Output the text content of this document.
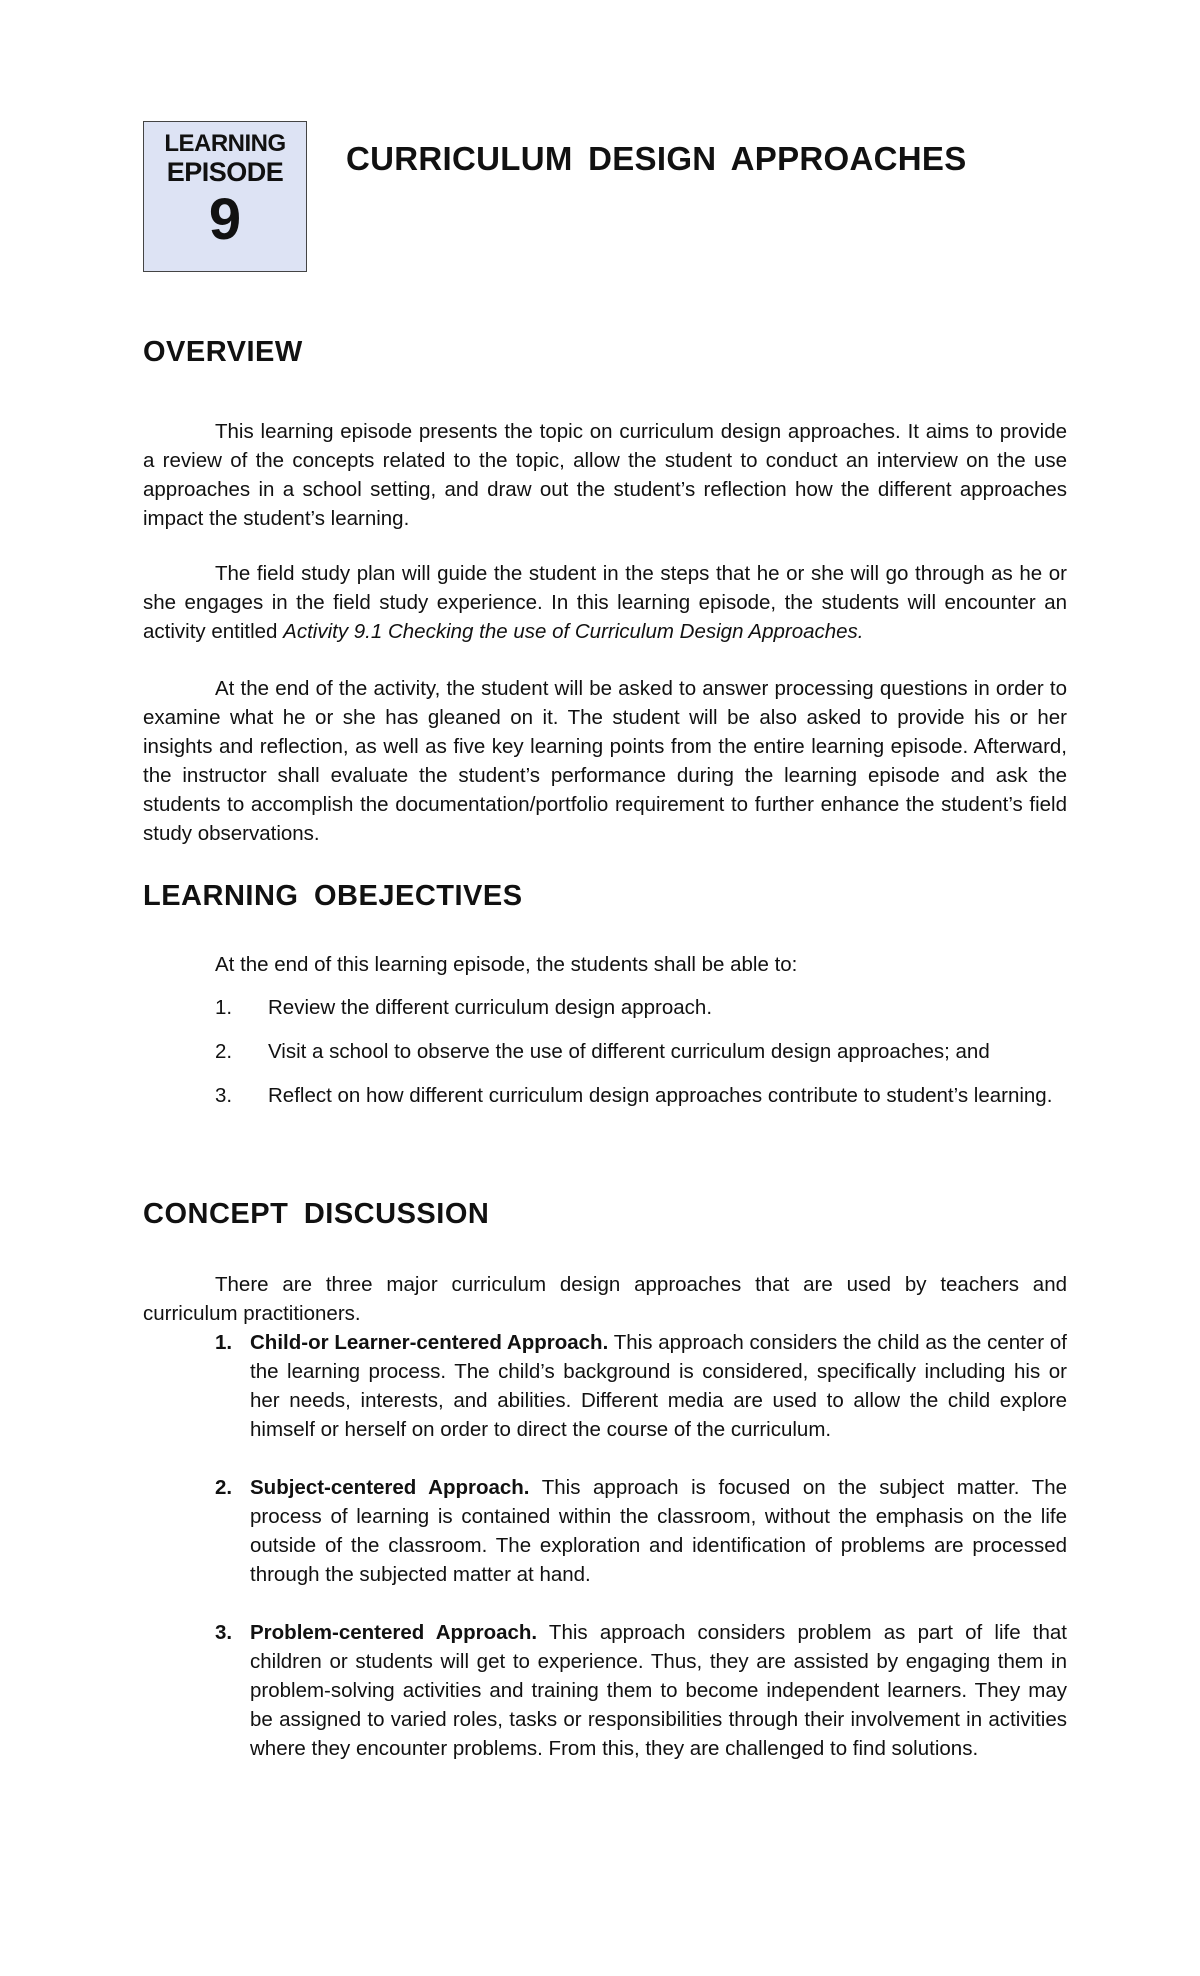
LEARNING
EPISODE
9
CURRICULUM DESIGN APPROACHES
OVERVIEW

This learning episode presents the topic on curriculum design approaches. It aims to provide a review of the concepts related to the topic, allow the student to conduct an interview on the use approaches in a school setting, and draw out the student’s reflection how the different approaches impact the student’s learning.

The field study plan will guide the student in the steps that he or she will go through as he or she engages in the field study experience. In this learning episode, the students will encounter an activity entitled Activity 9.1 Checking the use of Curriculum Design Approaches.

At the end of the activity, the student will be asked to answer processing questions in order to examine what he or she has gleaned on it. The student will be also asked to provide his or her insights and reflection, as well as five key learning points from the entire learning episode. Afterward, the instructor shall evaluate the student’s performance during the learning episode and ask the students to accomplish the documentation/portfolio requirement to further enhance the student’s field study observations.

LEARNING OBEJECTIVES
At the end of this learning episode, the students shall be able to:
1.	Review the different curriculum design approach.
2.	Visit a school to observe the use of different curriculum design approaches; and
3.	Reflect on how different curriculum design approaches contribute to student’s learning.
CONCEPT DISCUSSION

There are three major curriculum design approaches that are used by teachers and curriculum practitioners.

1. Child-or Learner-centered Approach. This approach considers the child as the center of the learning process. The child’s background is considered, specifically including his or her needs, interests, and abilities. Different media are used to allow the child explore himself or herself on order to direct the course of the curriculum.
2. Subject-centered Approach. This approach is focused on the subject matter. The process of learning is contained within the classroom, without the emphasis on the life outside of the classroom. The exploration and identification of problems are processed through the subjected matter at hand.
3. Problem-centered Approach. This approach considers problem as part of life that children or students will get to experience. Thus, they are assisted by engaging them in problem-solving activities and training them to become independent learners. They may be assigned to varied roles, tasks or responsibilities through their involvement in activities where they encounter problems. From this, they are challenged to find solutions.
